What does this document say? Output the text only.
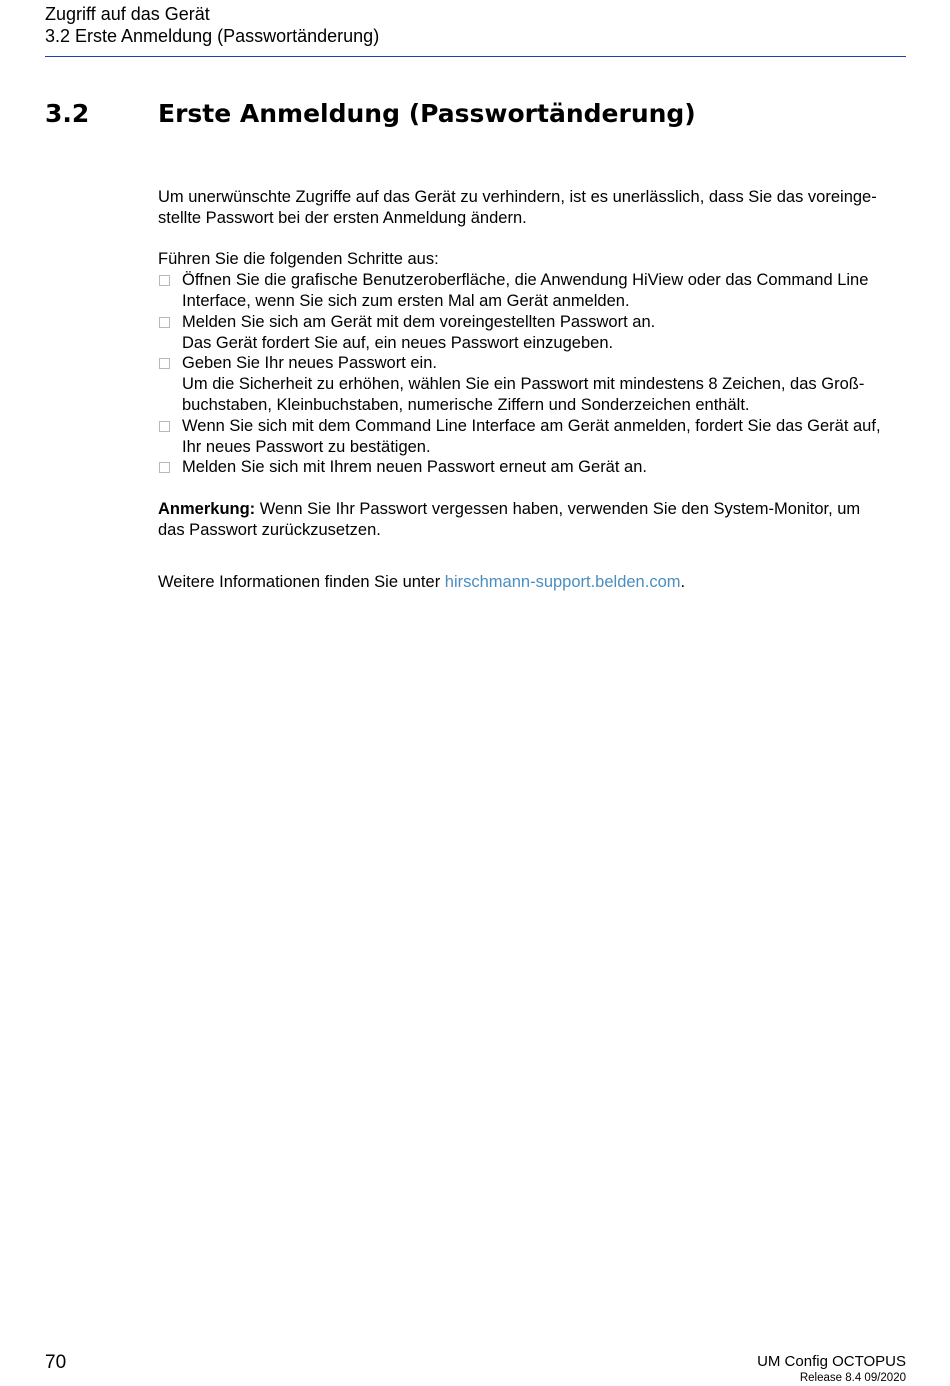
Zugriff auf das Gerät
3.2 Erste Anmeldung (Passwortänderung)
3.2	Erste Anmeldung (Passwortänderung)

Um unerwünschte Zugriffe auf das Gerät zu verhindern, ist es unerlässlich, dass Sie das voreinge-
stellte Passwort bei der ersten Anmeldung ändern.

Führen Sie die folgenden Schritte aus:

Öffnen Sie die grafische Benutzeroberfläche, die Anwendung HiView oder das Command Line
Interface, wenn Sie sich zum ersten Mal am Gerät anmelden.
Melden Sie sich am Gerät mit dem voreingestellten Passwort an.
Das Gerät fordert Sie auf, ein neues Passwort einzugeben.
Geben Sie Ihr neues Passwort ein.
Um die Sicherheit zu erhöhen, wählen Sie ein Passwort mit mindestens 8 Zeichen, das Groß-
buchstaben, Kleinbuchstaben, numerische Ziffern und Sonderzeichen enthält.
Wenn Sie sich mit dem Command Line Interface am Gerät anmelden, fordert Sie das Gerät auf,
Ihr neues Passwort zu bestätigen.
Melden Sie sich mit Ihrem neuen Passwort erneut am Gerät an.

Anmerkung: Wenn Sie Ihr Passwort vergessen haben, verwenden Sie den System-Monitor, um
das Passwort zurückzusetzen.

Weitere Informationen finden Sie unter hirschmann-support.belden.com.

70	UM Config OCTOPUS
Release 8.4 09/2020
